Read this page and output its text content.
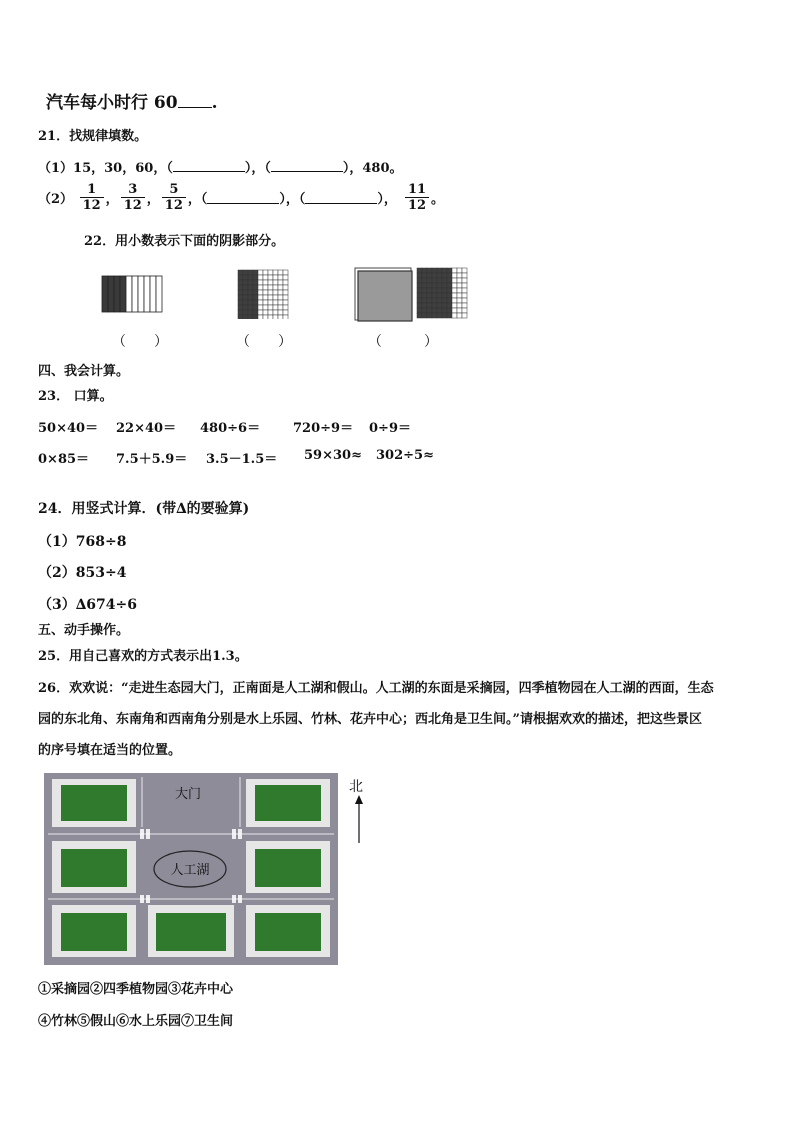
汽车每小时行 60 .
21．找规律填数。
（1）15，30，60，（	），（	），480。
$(2) \frac{1}{12}$ ， $\frac{3}{12}$ ， $\frac{5}{12}$ ，（	），（	）， $\frac{11}{12}$ 。
22．用小数表示下面的阴影部分。
（　　）	（　　）	（　　　）
四、我会计算。
23． 口算。
50×40＝ 22×40＝ 480÷6＝	720÷9＝ 0÷9＝
0×85＝ 7.5＋5.9＝ 3.5－1.5＝ 59×30≈ 302÷5≈
24．用竖式计算．(带∆的要验算)
（1）768÷8
（2）853÷4
（3）∆674÷6
五、动手操作。
25．用自己喜欢的方式表示出1.3。
26．欢欢说：“走进生态园大门，正南面是人工湖和假山。人工湖的东面是采摘园，四季植物园在人工湖的西面，生态
园的东北角、东南角和西南角分别是水上乐园、竹林、花卉中心；西北角是卫生间。”请根据欢欢的描述，把这些景区
的序号填在适当的位置。
人工湖
大门	北
①采摘园②四季植物园③花卉中心
④竹林⑤假山⑥水上乐园⑦卫生间
